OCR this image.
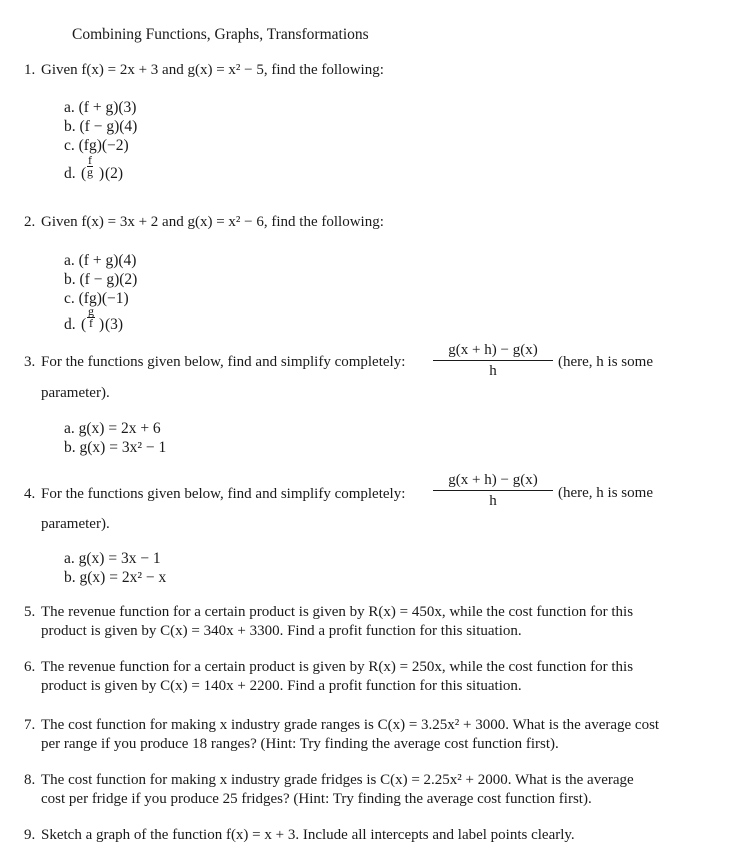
Combining Functions, Graphs, Transformations
1. Given f(x) = 2x + 3 and g(x) = x² − 5, find the following:
a. (f + g)(3)
b. (f − g)(4)
c. (fg)(−2)
d. ( $\frac{f}{g}$ ) (2)
2. Given f(x) = 3x + 2 and g(x) = x² − 6, find the following:
a. (f + g)(4)
b. (f − g)(2)
c. (fg)(−1)
d. ( $\frac{g}{f}$ ) (3)
3. For the functions given below, find and simplify completely: $\frac{g(x + h) - g(x)}{h}$ (here, h is some
parameter).
a. g(x) = 2x + 6
b. g(x) = 3x² − 1
4. For the functions given below, find and simplify completely: $\frac{g(x + h) - g(x)}{h}$ (here, h is some
parameter).
a. g(x) = 3x − 1
b. g(x) = 2x² − x
5. The revenue function for a certain product is given by R(x) = 450x, while the cost function for this
product is given by C(x) = 340x + 3300. Find a profit function for this situation.
6. The revenue function for a certain product is given by R(x) = 250x, while the cost function for this
product is given by C(x) = 140x + 2200. Find a profit function for this situation.
7. The cost function for making x industry grade ranges is C(x) = 3.25x² + 3000. What is the average cost
per range if you produce 18 ranges? (Hint: Try finding the average cost function first).
8. The cost function for making x industry grade fridges is C(x) = 2.25x² + 2000. What is the average
cost per fridge if you produce 25 fridges? (Hint: Try finding the average cost function first).
9. Sketch a graph of the function f(x) = x + 3. Include all intercepts and label points clearly.
